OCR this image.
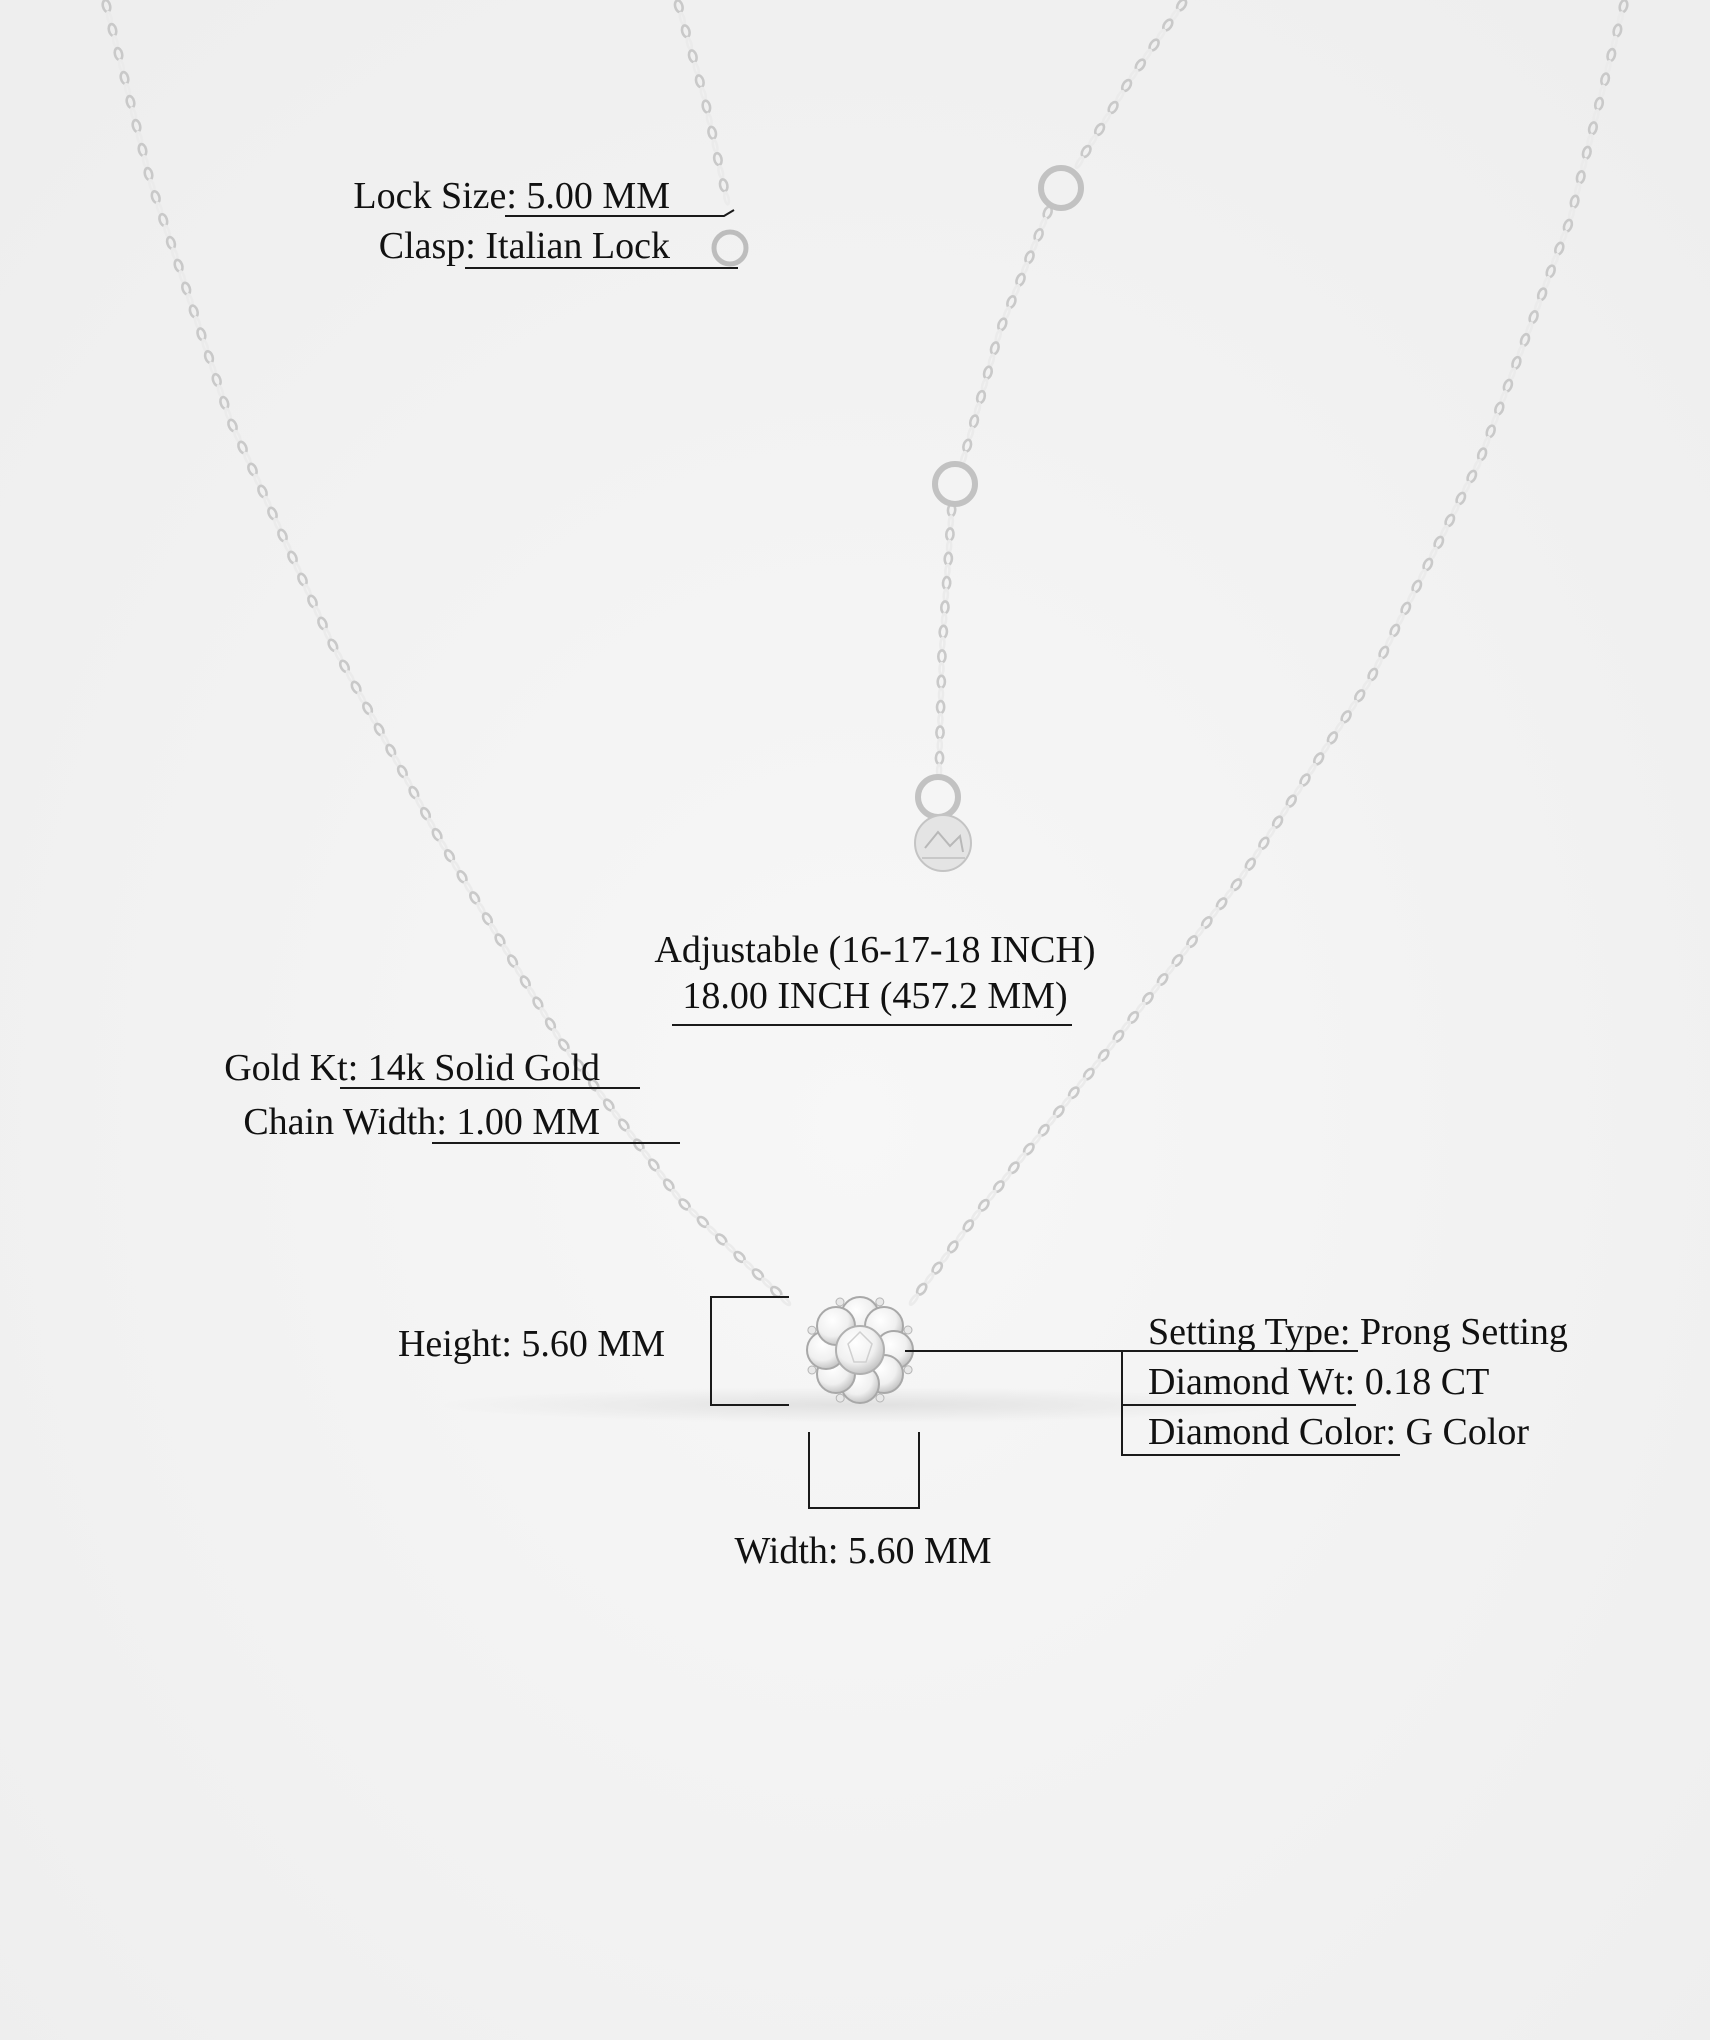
Lock Size: 5.00 MM
Clasp: Italian Lock
Adjustable (16-17-18 INCH)
18.00 INCH (457.2 MM)
Gold Kt: 14k Solid Gold
Chain Width: 1.00 MM
Height: 5.60 MM
Width: 5.60 MM
Setting Type: Prong Setting
Diamond Wt: 0.18 CT
Diamond Color: G Color
